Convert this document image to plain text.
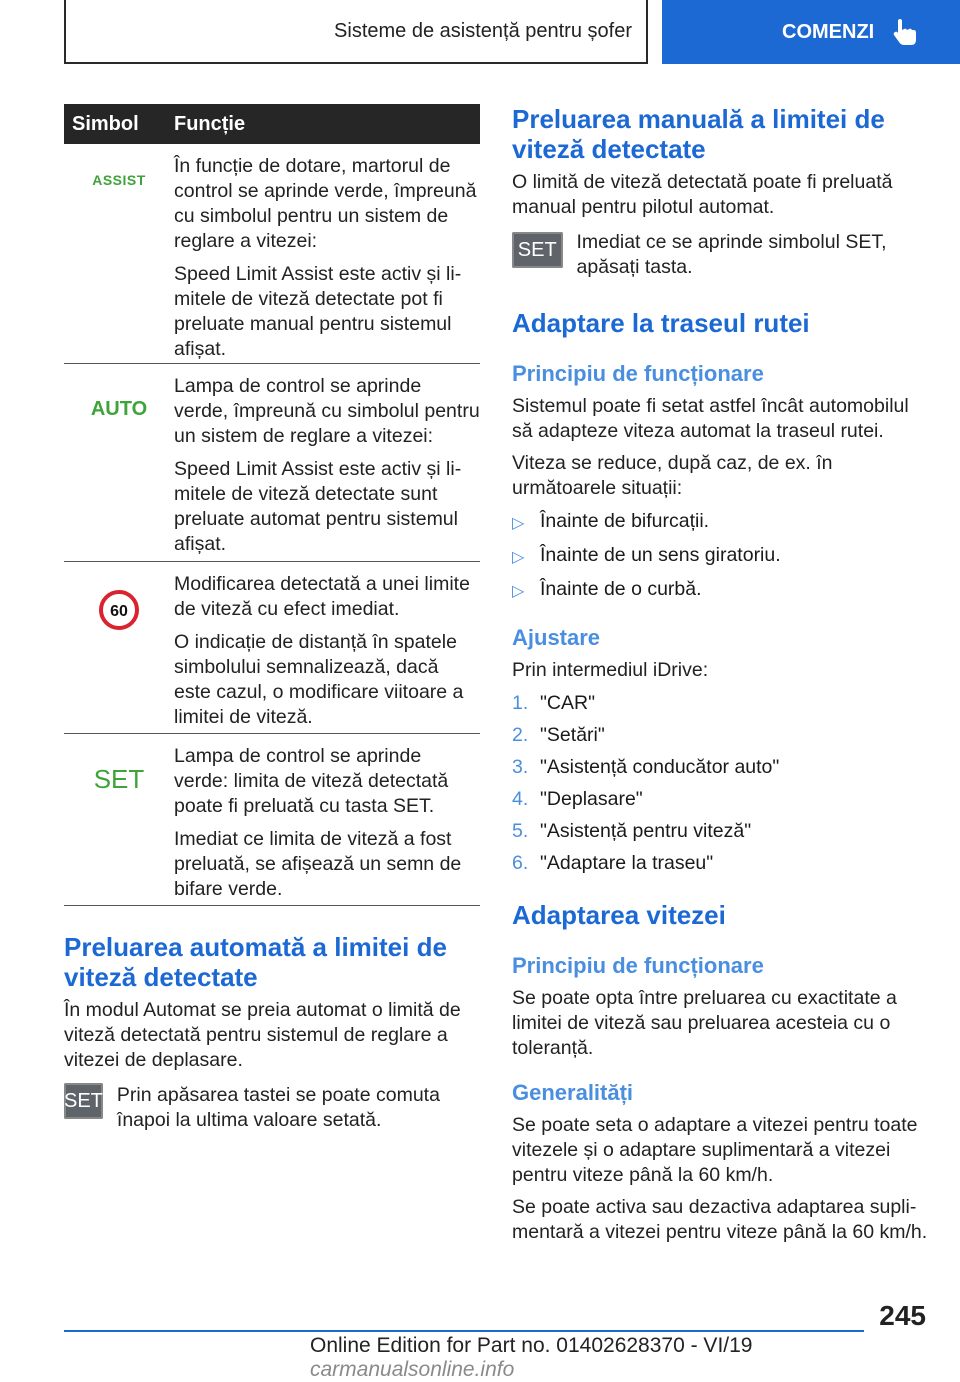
Sisteme de asistență pentru șofer	COMENZI
Simbol	Funcție
ASSIST

În funcție de dotare, martorul de control se aprinde verde, împreună cu simbolul pentru un sistem de reglare a vitezei:

Speed Limit Assist este activ și limitele de viteză detectate pot fi preluate manual pentru sistemul afișat.

AUTO

Lampa de control se aprinde verde, împreună cu simbolul pentru un sistem de reglare a vitezei:

Speed Limit Assist este activ și limitele de viteză detectate sunt preluate automat pentru sistemul afișat.

60

Modificarea detectată a unei limite de viteză cu efect imediat.

O indicație de distanță în spatele simbolului semnalizează, dacă este cazul, o modificare viitoare a limitei de viteză.

SET

Lampa de control se aprinde verde: limita de viteză detectată poate fi preluată cu tasta SET.

Imediat ce limita de viteză a fost preluată, se afișează un semn de bifare verde.

Preluarea automată a limitei de viteză detectate

În modul Automat se preia automat o limită de viteză detectată pentru sistemul de reglare a vitezei de deplasare.

SET Prin apăsarea tastei se poate comuta înapoi la ultima valoare setată.

Preluarea manuală a limitei de viteză detectate

O limită de viteză detectată poate fi preluată manual pentru pilotul automat.

SET Imediat ce se aprinde simbolul SET, apăsați tasta.

Adaptare la traseul rutei
Principiu de funcționare

Sistemul poate fi setat astfel încât automobilul să adapteze viteza automat la traseul rutei.

Viteza se reduce, după caz, de ex. în următoarele situații:

▷ Înainte de bifurcații.
▷ Înainte de un sens giratoriu.
▷ Înainte de o curbă.
Ajustare

Prin intermediul iDrive:

1. "CAR"
2. "Setări"
3. "Asistență conducător auto"
4. "Deplasare"
5. "Asistență pentru viteză"
6. "Adaptare la traseu"
Adaptarea vitezei
Principiu de funcționare

Se poate opta între preluarea cu exactitate a limitei de viteză sau preluarea acesteia cu o toleranță.

Generalități

Se poate seta o adaptare a vitezei pentru toate vitezele și o adaptare suplimentară a vitezei pentru viteze până la 60 km/h.

Se poate activa sau dezactiva adaptarea suplimentară a vitezei pentru viteze până la 60 km/h.

245
Online Edition for Part no. 01402628370 - VI/19 carmanualsonline.info
